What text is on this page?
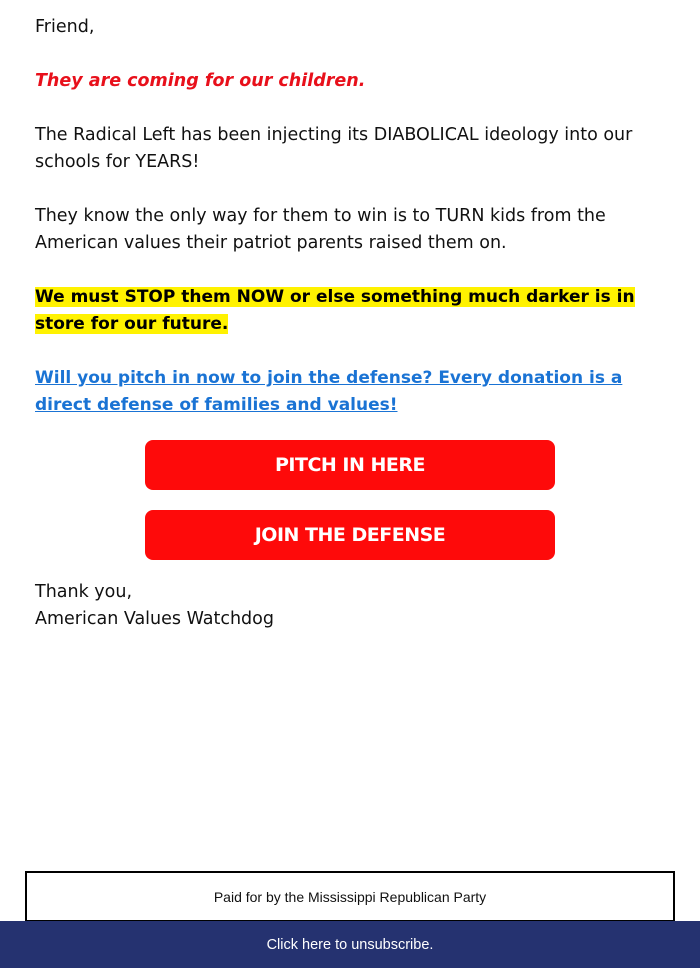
Friend,

They are coming for our children.

The Radical Left has been injecting its DIABOLICAL ideology into our schools for YEARS!

They know the only way for them to win is to TURN kids from the American values their patriot parents raised them on.

We must STOP them NOW or else something much darker is in store for our future.

Will you pitch in now to join the defense? Every donation is a direct defense of families and values!

PITCH IN HERE
JOIN THE DEFENSE
Thank you,
American Values Watchdog
Paid for by the Mississippi Republican Party
Click here to unsubscribe.
